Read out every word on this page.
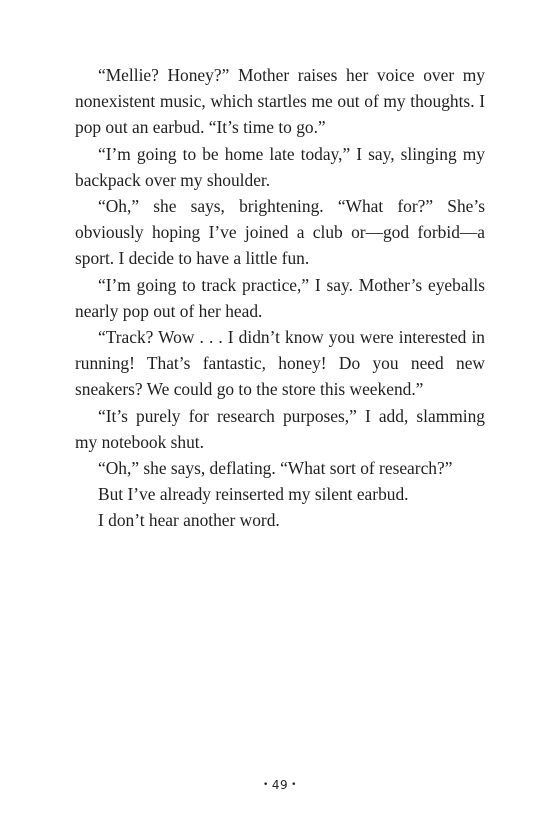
“Mellie? Honey?” Mother raises her voice over my nonexistent music, which startles me out of my thoughts. I pop out an earbud. “It’s time to go.”

“I’m going to be home late today,” I say, slinging my backpack over my shoulder.

“Oh,” she says, brightening. “What for?” She’s obviously hoping I’ve joined a club or—god forbid—a sport. I decide to have a little fun.

“I’m going to track practice,” I say. Mother’s eyeballs nearly pop out of her head.

“Track? Wow . . . I didn’t know you were interested in running! That’s fantastic, honey! Do you need new sneakers? We could go to the store this weekend.”

“It’s purely for research purposes,” I add, slamming my notebook shut.

“Oh,” she says, deflating. “What sort of research?”

But I’ve already reinserted my silent earbud.

I don’t hear another word.

• 49 •
